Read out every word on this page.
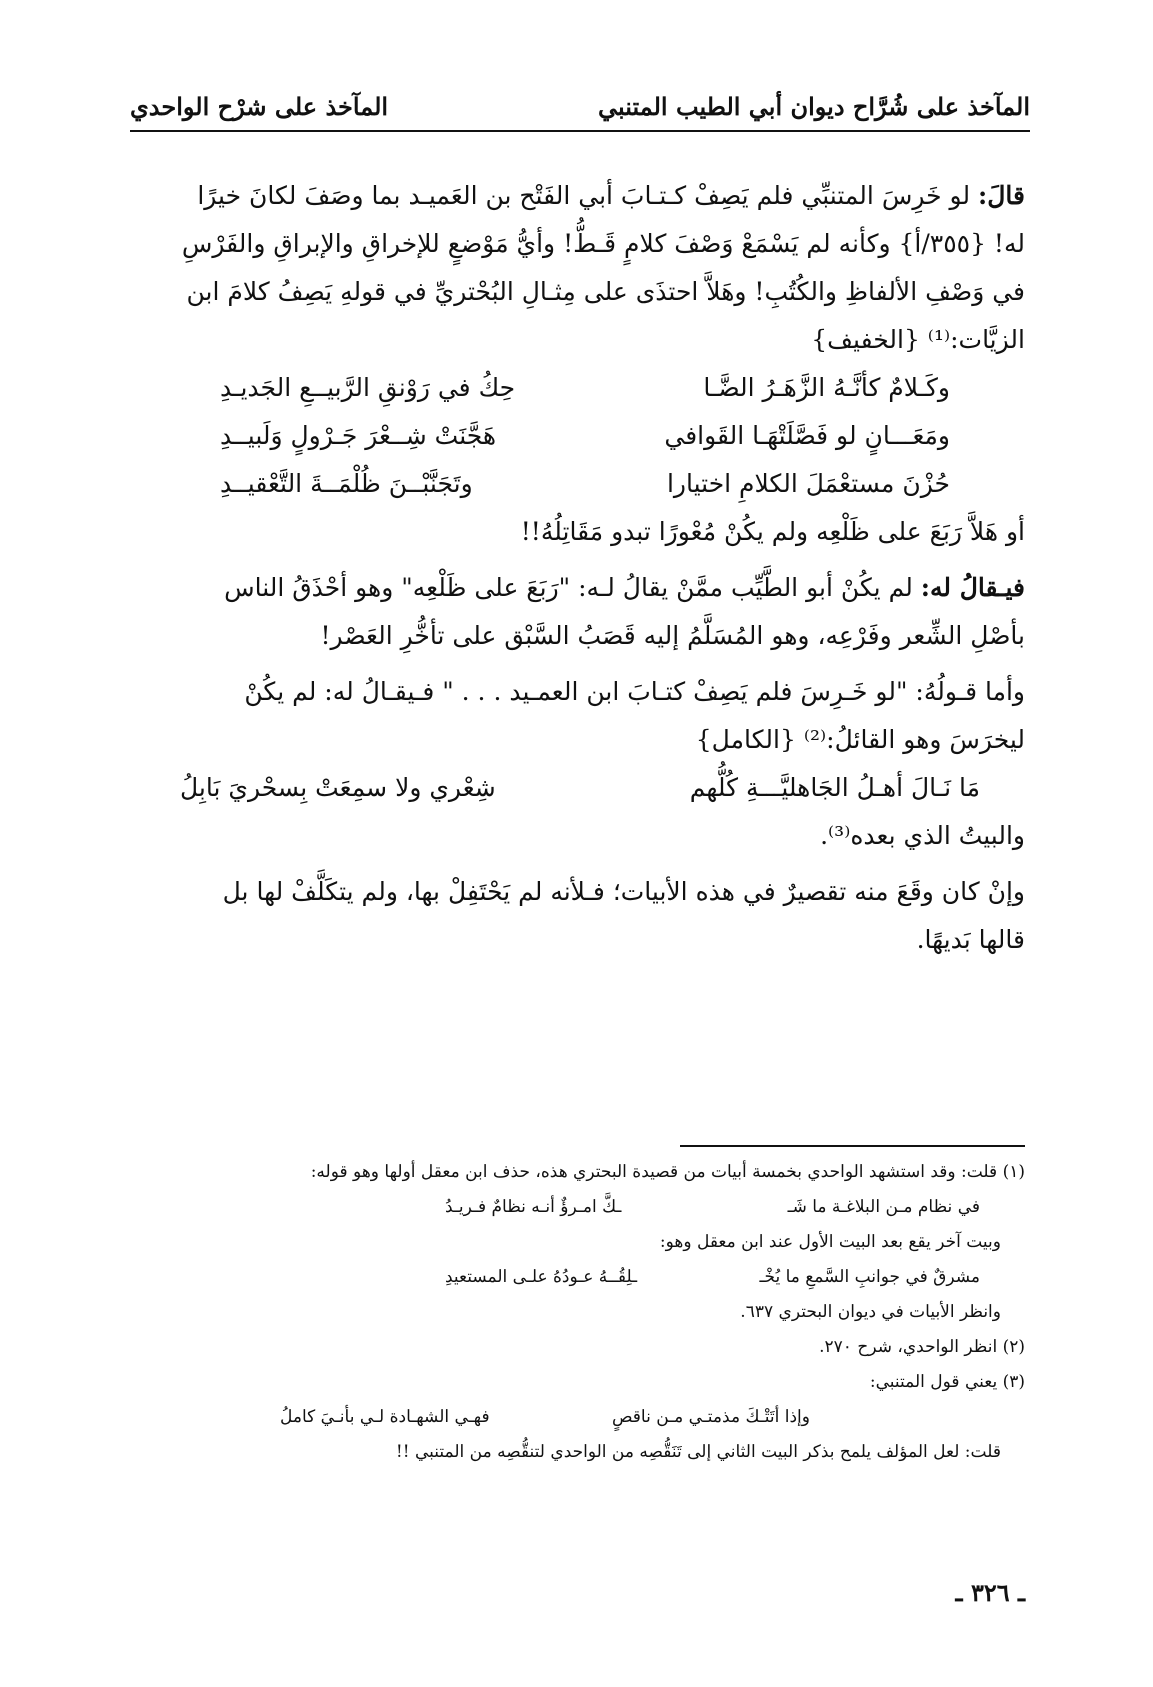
المآخذ على شُرَّاح ديوان أبي الطيب المتنبي
المآخذ على شرْح الواحدي
قالَ: لو خَرِسَ المتنبِّي فلم يَصِفْ كـتـابَ أبي الفَتْح بن العَميـد بما وصَفَ لكانَ خيرًا
له! {٣٥٥/أ} وكأنه لم يَسْمَعْ وَصْفَ كلامٍ قَـطُّ! وأيُّ مَوْضعٍ للإخراقِ والإبراقِ والفَرْسِ
في وَصْفِ الألفاظِ والكُتُبِ! وهَلاَّ احتذَى على مِثـالِ البُحْتريِّ في قولهِ يَصِفُ كلامَ ابن
الزيَّات:⁽¹⁾ {الخفيف}
وكَـلامٌ كأنَّـهُ الزَّهَـرُ الضَّـا
حِكُ في رَوْنقِ الرَّبيــعِ الجَديـدِ
ومَعَـــانٍ لو فَصَّلَتْهَـا القَوافي
هَجَّنَتْ شِــعْرَ جَـرْولٍ وَلَبيــدِ
حُزْنَ مستعْمَلَ الكلامِ اختيارا
وتَجَنَّبْــنَ ظُلْمَــةَ التَّعْقيــدِ
أو هَلاَّ رَبَعَ على ظَلْعِه ولم يكُنْ مُعْورًا تبدو مَقَاتِلُهُ!!
فيـقالُ له: لم يكُنْ أبو الطَّيِّب ممَّنْ يقالُ لـه: "رَبَعَ على ظَلْعِه" وهو أحْذَقُ الناس
بأصْلِ الشِّعر وفَرْعِه، وهو المُسَلَّمُ إليه قَصَبُ السَّبْق على تأخُّرِ العَصْر!
وأما قـولُهُ: "لو خَـرِسَ فلم يَصِفْ كتـابَ ابن العمـيد . . . " فـيقـالُ له: لم يكُنْ
ليخرَسَ وهو القائلُ:⁽²⁾ {الكامل}
مَا نَـالَ أهـلُ الجَاهليَّـــةِ كُلُّهم
شِعْري ولا سمِعَتْ بِسحْريَ بَابِلُ
والبيتُ الذي بعده⁽³⁾.
وإنْ كان وقَعَ منه تقصيرٌ في هذه الأبيات؛ فـلأنه لم يَحْتَفِلْ بها، ولم يتكَلَّفْ لها بل
قالها بَديهًا.
(١) قلت: وقد استشهد الواحدي بخمسة أبيات من قصيدة البحتري هذه، حذف ابن معقل أولها وهو قوله:
في نظام مـن البلاغـة ما شَـ
ـكَّ امـرؤٌ أنـه نظامٌ فـريـدُ
وبيت آخر يقع بعد البيت الأول عند ابن معقل وهو:
مشرقٌ في جوانبِ السَّمعِ ما يُخْـ
ـلِقُــهُ عـودُهُ علـى المستعيدِ
وانظر الأبيات في ديوان البحتري ٦٣٧.
(٢) انظر الواحدي، شرح ٢٧٠.
(٣) يعني قول المتنبي:
وإذا أتَتْـكَ مذمتـي مـن ناقصٍ
فهـي الشهـادة لـي بأنـيَ كاملُ
قلت: لعل المؤلف يلمح بذكر البيت الثاني إلى تَنَقُّصِه من الواحدي لتنقُّصِه من المتنبي !!
ـ ٣٢٦ ـ
